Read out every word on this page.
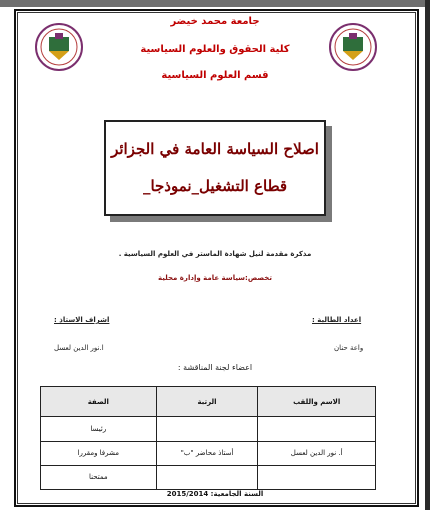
جامعة محمد خيضر
كلية الحقوق والعلوم السياسية
قسم العلوم السياسية
اصلاح السياسة العامة في الجزائر
قطاع التشغيل_نموذجا_
مذكرة مقدمة لنيل شهادة الماستر في العلوم السياسية .
تخصص:سياسة عامة وإدارة محلية
اعداد الطالبة :
اشراف الاستاذ :
واعة حنان
ا.نور الدين لعسل
اعضاء لجنة المناقشة :
الاسم واللقب	الرتبة	الصفة
		رئيسا
أ. نور الدين لعسل	أستاذ محاضر "ب"	مشرفا ومقررا
		ممتحنا
السنة الجامعية: 2015/2014
